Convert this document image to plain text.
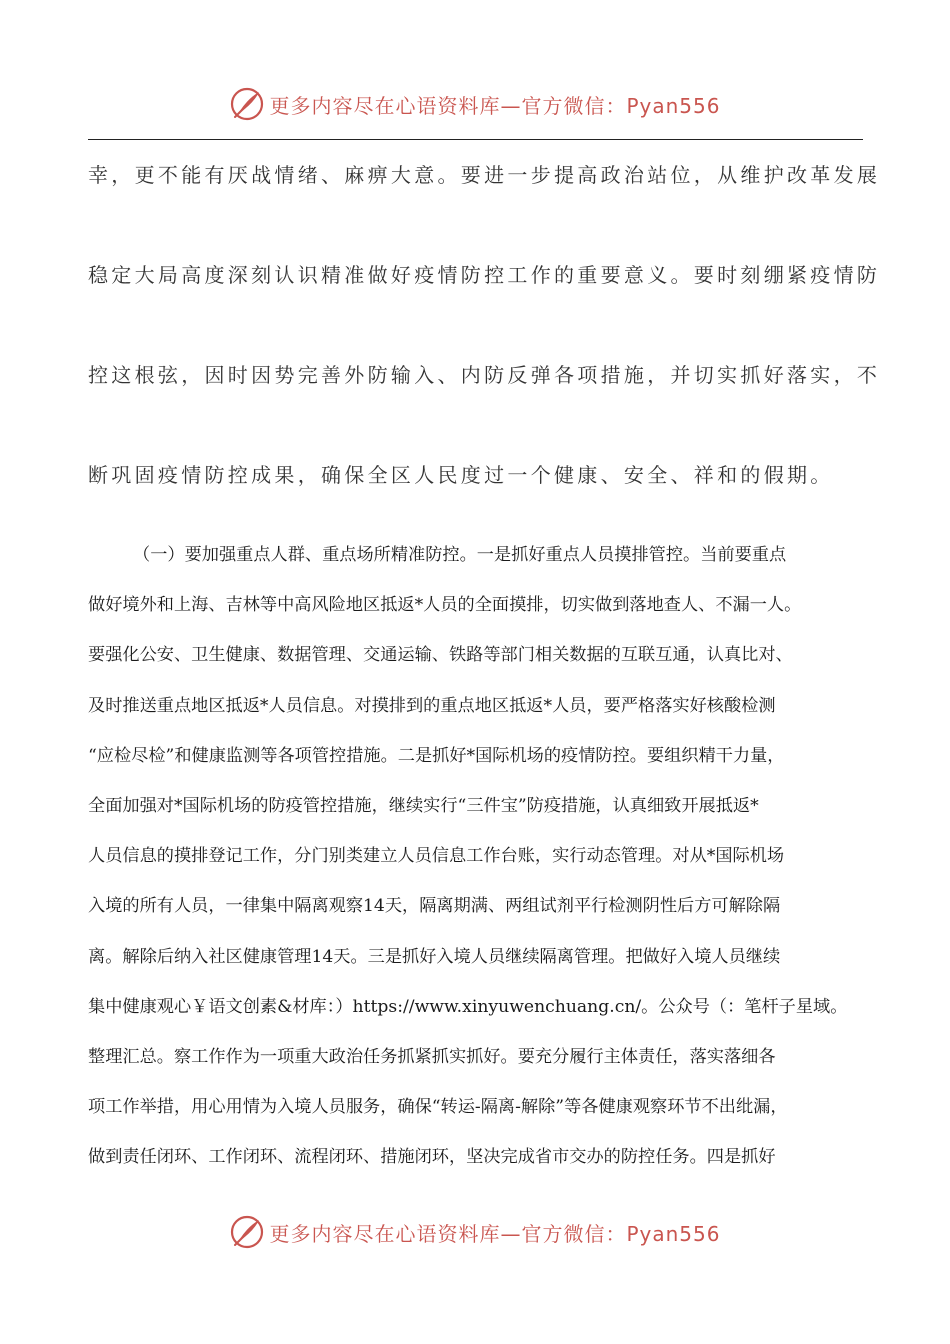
更多内容尽在心语资料库—官方微信：Pyan556

幸，更不能有厌战情绪、麻痹大意。要进一步提高政治站位，从维护改革发展

稳定大局高度深刻认识精准做好疫情防控工作的重要意义。要时刻绷紧疫情防

控这根弦，因时因势完善外防输入、内防反弹各项措施，并切实抓好落实，不

断巩固疫情防控成果，确保全区人民度过一个健康、安全、祥和的假期。

（一）要加强重点人群、重点场所精准防控。一是抓好重点人员摸排管控。当前要重点
做好境外和上海、吉林等中高风险地区抵返*人员的全面摸排，切实做到落地查人、不漏一人。
要强化公安、卫生健康、数据管理、交通运输、铁路等部门相关数据的互联互通，认真比对、
及时推送重点地区抵返*人员信息。对摸排到的重点地区抵返*人员，要严格落实好核酸检测
“应检尽检”和健康监测等各项管控措施。二是抓好*国际机场的疫情防控。要组织精干力量，
全面加强对*国际机场的防疫管控措施，继续实行“三件宝”防疫措施，认真细致开展抵返*
人员信息的摸排登记工作，分门别类建立人员信息工作台账，实行动态管理。对从*国际机场
入境的所有人员，一律集中隔离观察14天，隔离期满、两组试剂平行检测阴性后方可解除隔
离。解除后纳入社区健康管理14天。三是抓好入境人员继续隔离管理。把做好入境人员继续
集中健康观心￥语文创素&材库：）https://www.xinyuwenchuang.cn/。公众号（：笔杆子星域。
整理汇总。察工作作为一项重大政治任务抓紧抓实抓好。要充分履行主体责任，落实落细各
项工作举措，用心用情为入境人员服务，确保“转运-隔离-解除”等各健康观察环节不出纰漏，
做到责任闭环、工作闭环、流程闭环、措施闭环，坚决完成省市交办的防控任务。四是抓好
更多内容尽在心语资料库—官方微信：Pyan556
